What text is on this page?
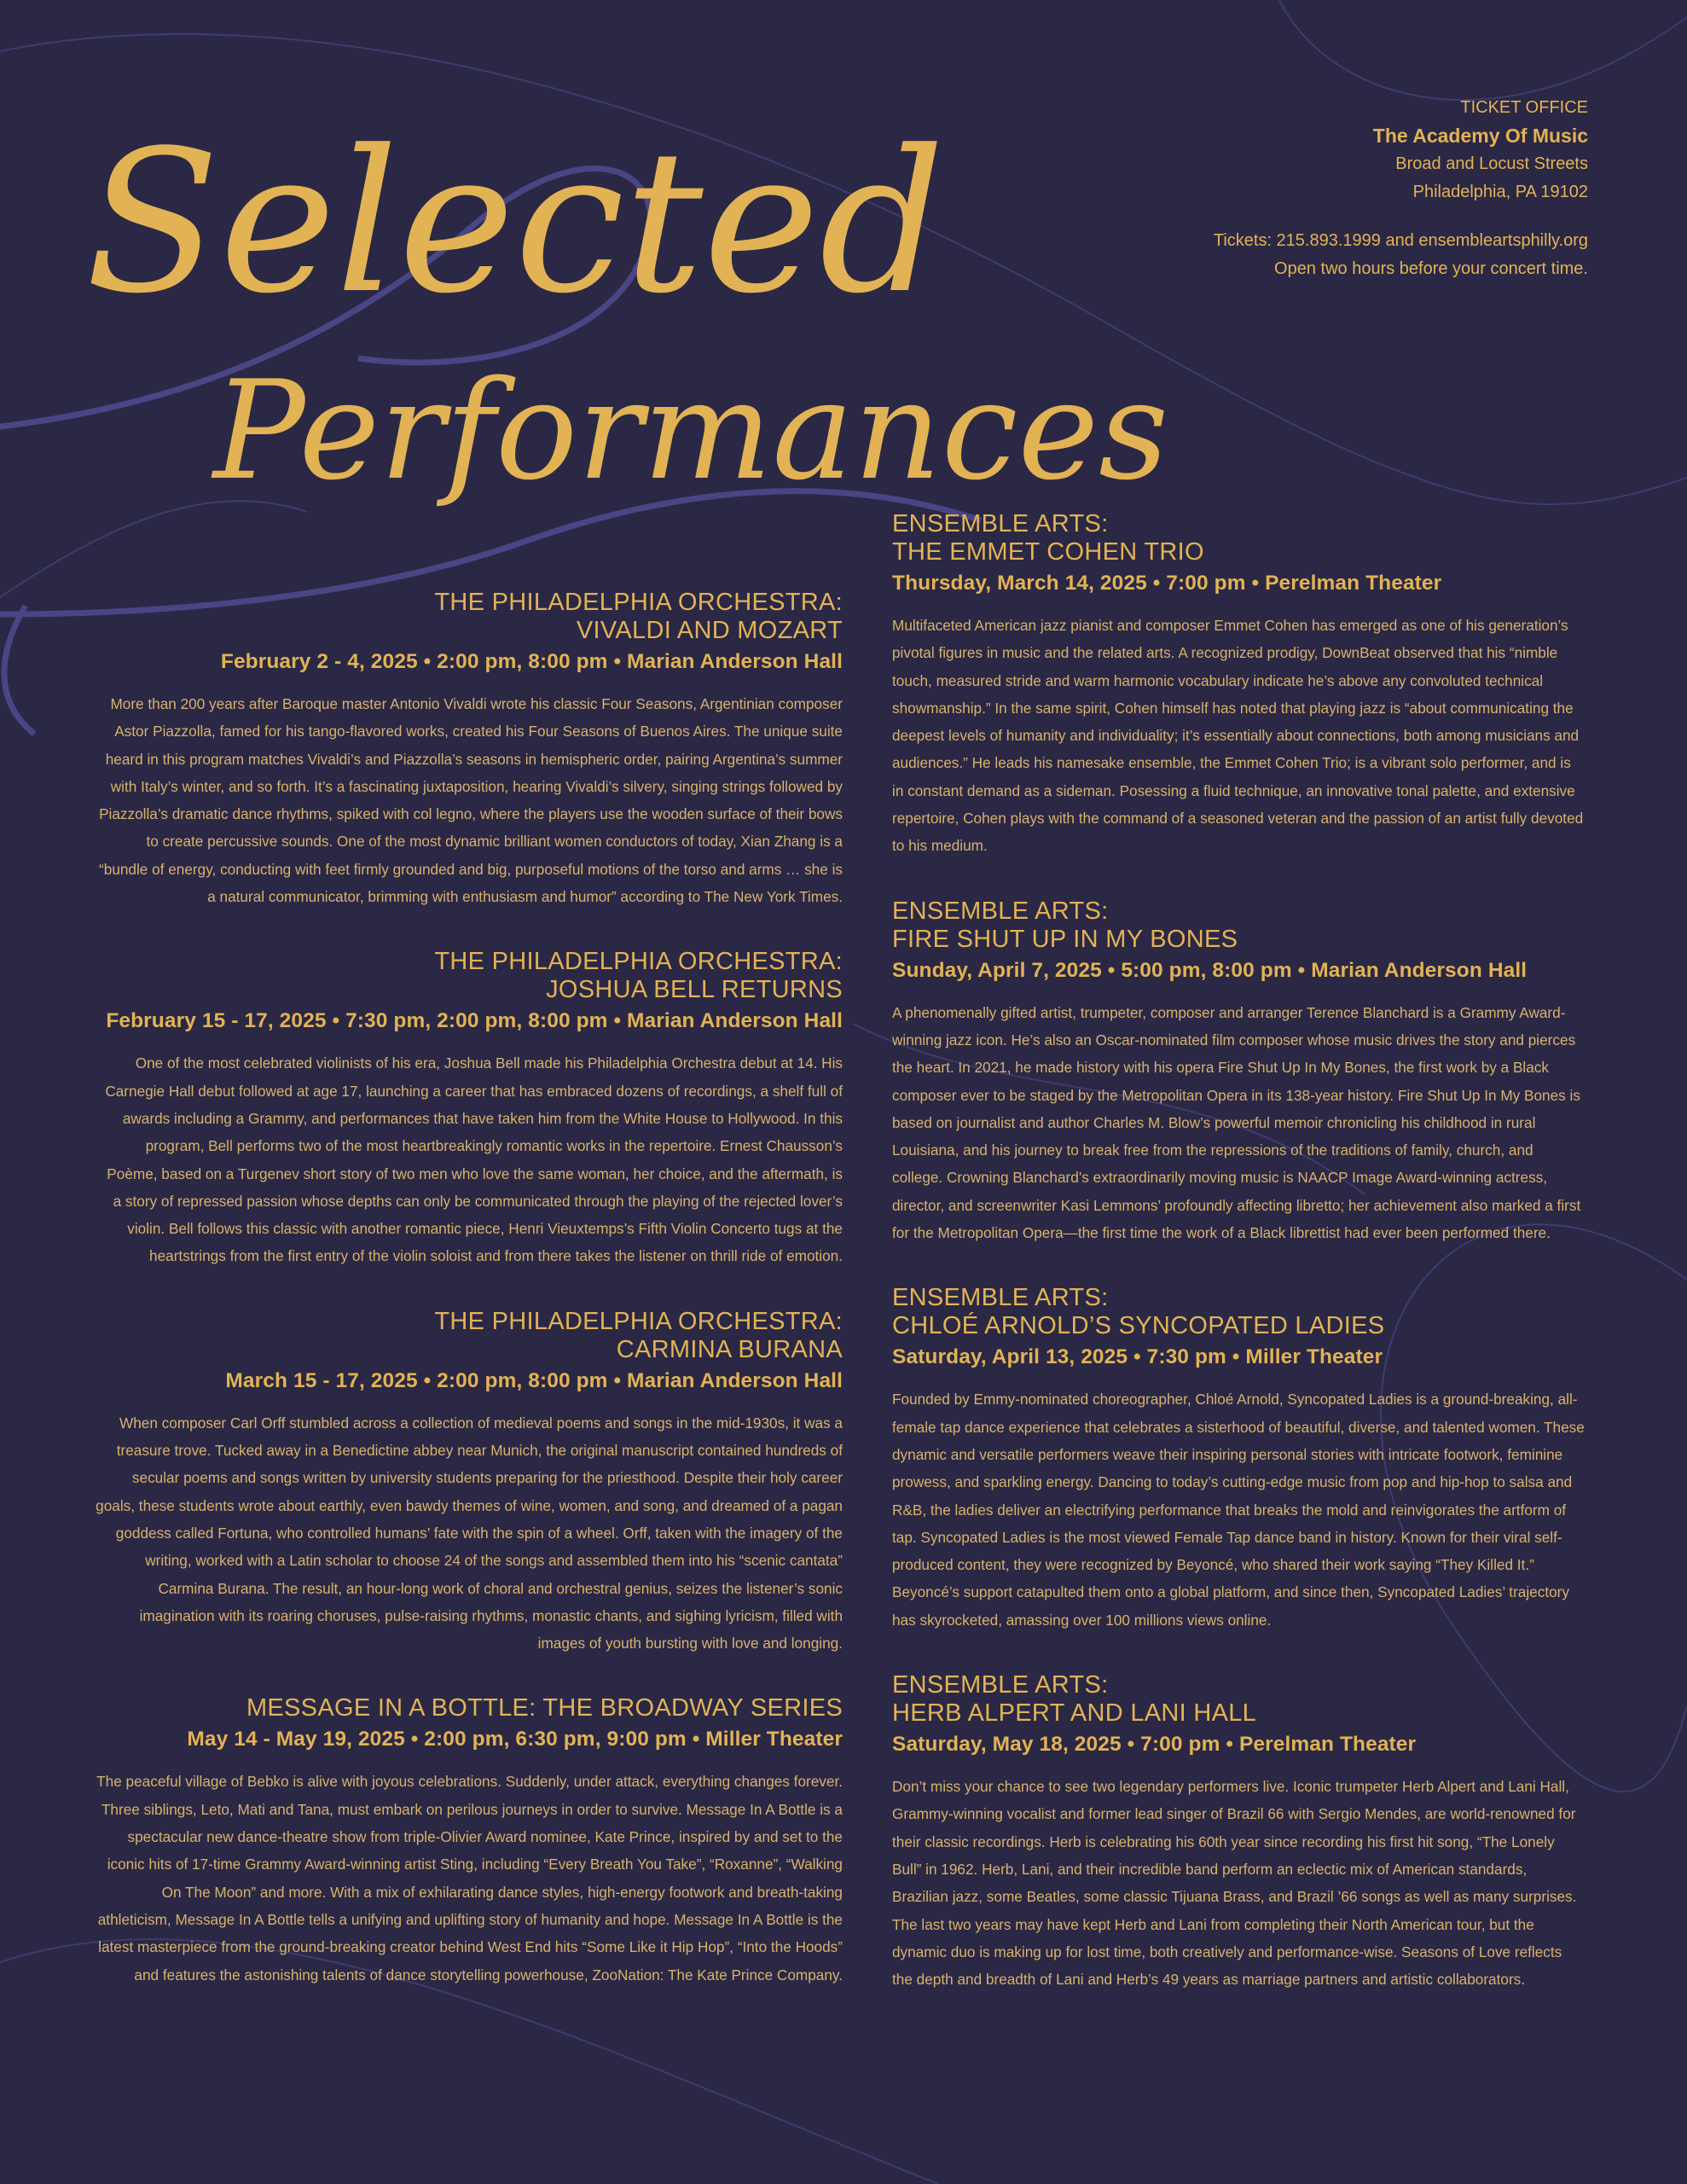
Selected
Performances
TICKET OFFICE
The Academy Of Music
Broad and Locust Streets
Philadelphia, PA 19102
Tickets: 215.893.1999 and ensembleartsphilly.org
Open two hours before your concert time.
THE PHILADELPHIA ORCHESTRA:
VIVALDI AND MOZART
February 2 - 4, 2025 • 2:00 pm, 8:00 pm • Marian Anderson Hall
More than 200 years after Baroque master Antonio Vivaldi wrote his classic Four Seasons, Argentinian composer Astor Piazzolla, famed for his tango-flavored works, created his Four Seasons of Buenos Aires. The unique suite heard in this program matches Vivaldi’s and Piazzolla’s seasons in hemispheric order, pairing Argentina’s summer with Italy’s winter, and so forth. It’s a fascinating juxtaposition, hearing Vivaldi’s silvery, singing strings followed by Piazzolla’s dramatic dance rhythms, spiked with col legno, where the players use the wooden surface of their bows to create percussive sounds. One of the most dynamic brilliant women conductors of today, Xian Zhang is a “bundle of energy, conducting with feet firmly grounded and big, purposeful motions of the torso and arms … she is a natural communicator, brimming with enthusiasm and humor” according to The New York Times.
THE PHILADELPHIA ORCHESTRA:
JOSHUA BELL RETURNS
February 15 - 17, 2025 • 7:30 pm, 2:00 pm, 8:00 pm • Marian Anderson Hall
One of the most celebrated violinists of his era, Joshua Bell made his Philadelphia Orchestra debut at 14. His Carnegie Hall debut followed at age 17, launching a career that has embraced dozens of recordings, a shelf full of awards including a Grammy, and performances that have taken him from the White House to Hollywood. In this program, Bell performs two of the most heartbreakingly romantic works in the repertoire. Ernest Chausson’s Poème, based on a Turgenev short story of two men who love the same woman, her choice, and the aftermath, is a story of repressed passion whose depths can only be communicated through the playing of the rejected lover’s violin. Bell follows this classic with another romantic piece, Henri Vieuxtemps’s Fifth Violin Concerto tugs at the heartstrings from the first entry of the violin soloist and from there takes the listener on thrill ride of emotion.
THE PHILADELPHIA ORCHESTRA:
CARMINA BURANA
March 15 - 17, 2025 • 2:00 pm, 8:00 pm • Marian Anderson Hall
When composer Carl Orff stumbled across a collection of medieval poems and songs in the mid-1930s, it was a treasure trove. Tucked away in a Benedictine abbey near Munich, the original manuscript contained hundreds of secular poems and songs written by university students preparing for the priesthood. Despite their holy career goals, these students wrote about earthly, even bawdy themes of wine, women, and song, and dreamed of a pagan goddess called Fortuna, who controlled humans’ fate with the spin of a wheel. Orff, taken with the imagery of the writing, worked with a Latin scholar to choose 24 of the songs and assembled them into his “scenic cantata” Carmina Burana. The result, an hour-long work of choral and orchestral genius, seizes the listener’s sonic imagination with its roaring choruses, pulse-raising rhythms, monastic chants, and sighing lyricism, filled with images of youth bursting with love and longing.
MESSAGE IN A BOTTLE: THE BROADWAY SERIES
May 14 - May 19, 2025 • 2:00 pm, 6:30 pm, 9:00 pm • Miller Theater
The peaceful village of Bebko is alive with joyous celebrations. Suddenly, under attack, everything changes forever. Three siblings, Leto, Mati and Tana, must embark on perilous journeys in order to survive. Message In A Bottle is a spectacular new dance-theatre show from triple-Olivier Award nominee, Kate Prince, inspired by and set to the iconic hits of 17-time Grammy Award-winning artist Sting, including “Every Breath You Take”, “Roxanne”, “Walking On The Moon” and more. With a mix of exhilarating dance styles, high-energy footwork and breath-taking athleticism, Message In A Bottle tells a unifying and uplifting story of humanity and hope. Message In A Bottle is the latest masterpiece from the ground-breaking creator behind West End hits “Some Like it Hip Hop”, “Into the Hoods” and features the astonishing talents of dance storytelling powerhouse, ZooNation: The Kate Prince Company.
ENSEMBLE ARTS:
THE EMMET COHEN TRIO
Thursday, March 14, 2025 • 7:00 pm • Perelman Theater
Multifaceted American jazz pianist and composer Emmet Cohen has emerged as one of his generation’s pivotal figures in music and the related arts. A recognized prodigy, DownBeat observed that his “nimble touch, measured stride and warm harmonic vocabulary indicate he’s above any convoluted technical showmanship.” In the same spirit, Cohen himself has noted that playing jazz is “about communicating the deepest levels of humanity and individuality; it’s essentially about connections, both among musicians and audiences.” He leads his namesake ensemble, the Emmet Cohen Trio; is a vibrant solo performer, and is in constant demand as a sideman. Posessing a fluid technique, an innovative tonal palette, and extensive repertoire, Cohen plays with the command of a seasoned veteran and the passion of an artist fully devoted to his medium.
ENSEMBLE ARTS:
FIRE SHUT UP IN MY BONES
Sunday, April 7, 2025 • 5:00 pm, 8:00 pm • Marian Anderson Hall
A phenomenally gifted artist, trumpeter, composer and arranger Terence Blanchard is a Grammy Award-winning jazz icon. He’s also an Oscar-nominated film composer whose music drives the story and pierces the heart. In 2021, he made history with his opera Fire Shut Up In My Bones, the first work by a Black composer ever to be staged by the Metropolitan Opera in its 138-year history. Fire Shut Up In My Bones is based on journalist and author Charles M. Blow’s powerful memoir chronicling his childhood in rural Louisiana, and his journey to break free from the repressions of the traditions of family, church, and college. Crowning Blanchard’s extraordinarily moving music is NAACP Image Award-winning actress, director, and screenwriter Kasi Lemmons’ profoundly affecting libretto; her achievement also marked a first for the Metropolitan Opera—the first time the work of a Black librettist had ever been performed there.
ENSEMBLE ARTS:
CHLOÉ ARNOLD’S SYNCOPATED LADIES
Saturday, April 13, 2025 • 7:30 pm • Miller Theater
Founded by Emmy-nominated choreographer, Chloé Arnold, Syncopated Ladies is a ground-breaking, all-female tap dance experience that celebrates a sisterhood of beautiful, diverse, and talented women. These dynamic and versatile performers weave their inspiring personal stories with intricate footwork, feminine prowess, and sparkling energy. Dancing to today’s cutting-edge music from pop and hip-hop to salsa and R&B, the ladies deliver an electrifying performance that breaks the mold and reinvigorates the artform of tap. Syncopated Ladies is the most viewed Female Tap dance band in history. Known for their viral self-produced content, they were recognized by Beyoncé, who shared their work saying “They Killed It.” Beyoncé’s support catapulted them onto a global platform, and since then, Syncopated Ladies’ trajectory has skyrocketed, amassing over 100 millions views online.
ENSEMBLE ARTS:
HERB ALPERT AND LANI HALL
Saturday, May 18, 2025 • 7:00 pm • Perelman Theater
Don’t miss your chance to see two legendary performers live. Iconic trumpeter Herb Alpert and Lani Hall, Grammy-winning vocalist and former lead singer of Brazil 66 with Sergio Mendes, are world-renowned for their classic recordings. Herb is celebrating his 60th year since recording his first hit song, “The Lonely Bull” in 1962. Herb, Lani, and their incredible band perform an eclectic mix of American standards, Brazilian jazz, some Beatles, some classic Tijuana Brass, and Brazil ’66 songs as well as many surprises. The last two years may have kept Herb and Lani from completing their North American tour, but the dynamic duo is making up for lost time, both creatively and performance-wise. Seasons of Love reflects the depth and breadth of Lani and Herb’s 49 years as marriage partners and artistic collaborators.
